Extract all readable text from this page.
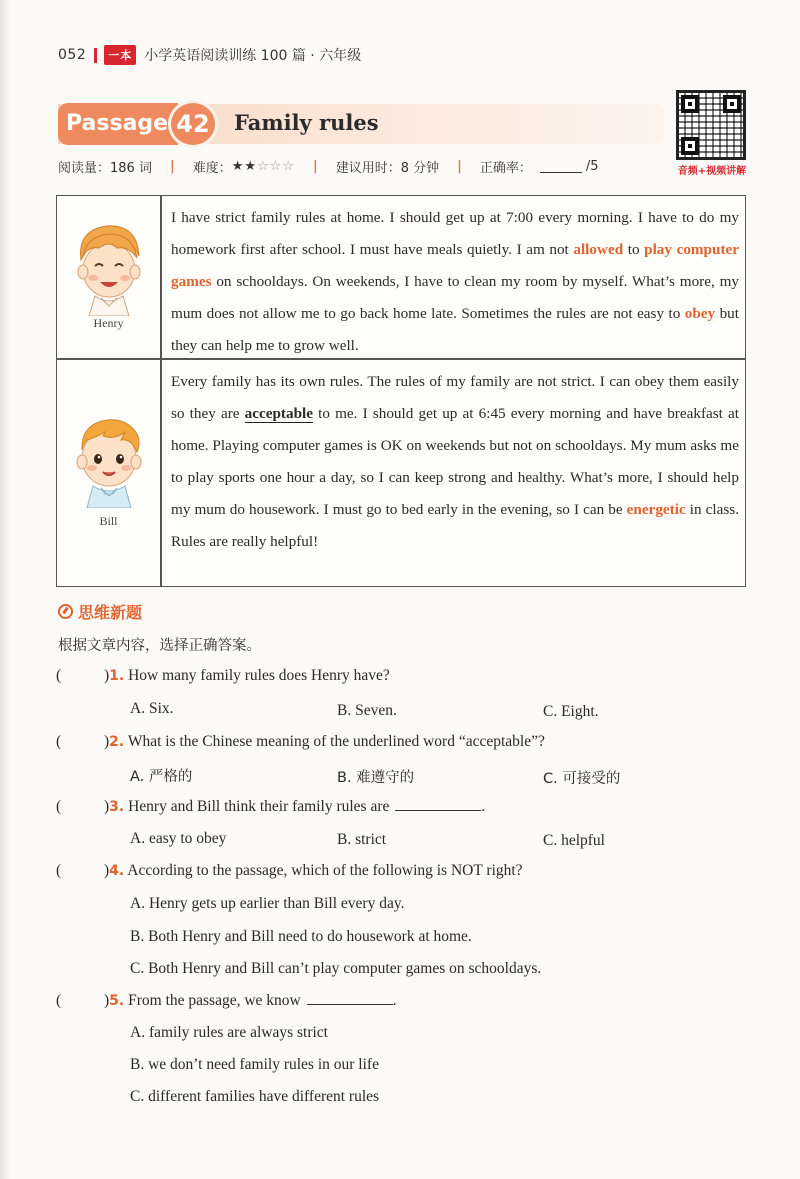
052	一本 小学英语阅读训练 100 篇 · 六年级
Passage 42	Family rules
音频+视频讲解
阅读量：186 词 | 难度： ★★☆☆☆ | 建议用时：8 分钟 | 正确率：	/5
Henry
Bill
I have strict family rules at home. I should get up at 7:00 every morning. I have to do my homework first after school. I must have meals quietly. I am not allowed to play computer games on schooldays. On weekends, I have to clean my room by myself. What’s more, my mum does not allow me to go back home late. Sometimes the rules are not easy to obey but they can help me to grow well.
Every family has its own rules. The rules of my family are not strict. I can obey them easily so they are acceptable to me. I should get up at 6:45 every morning and have breakfast at home. Playing computer games is OK on weekends but not on schooldays. My mum asks me to play sports one hour a day, so I can keep strong and healthy. What’s more, I should help my mum do housework. I must go to bed early in the evening, so I can be energetic in class. Rules are really helpful!
思维新题
根据文章内容，选择正确答案。
(	)1. How many family rules does Henry have?
A. Six.	B. Seven.	C. Eight.
(	)2. What is the Chinese meaning of the underlined word “acceptable”?
A. 严格的	B. 难遵守的	C. 可接受的
(	)3. Henry and Bill think their family rules are	.
A. easy to obey	B. strict	C. helpful
(	)4. According to the passage, which of the following is NOT right?
A. Henry gets up earlier than Bill every day.
B. Both Henry and Bill need to do housework at home.
C. Both Henry and Bill can’t play computer games on schooldays.
(	)5. From the passage, we know	.
A. family rules are always strict
B. we don’t need family rules in our life
C. different families have different rules
